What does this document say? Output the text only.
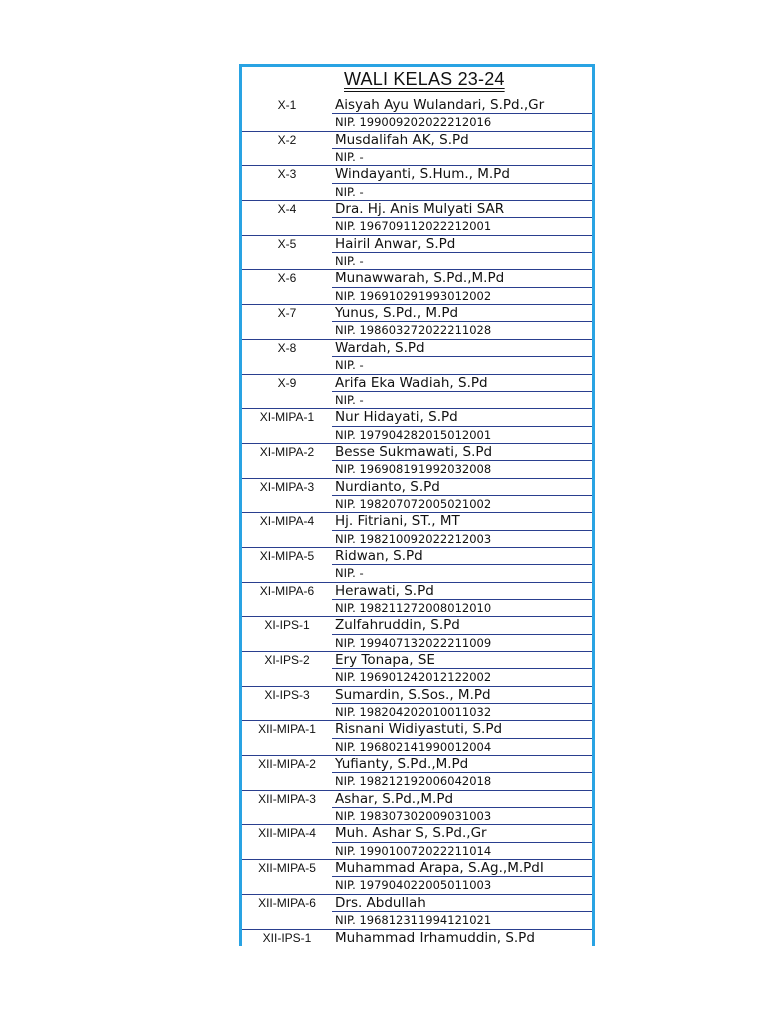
WALI KELAS 23-24
X-1	Aisyah Ayu Wulandari, S.Pd.,Gr
NIP. 199009202022212016
X-2	Musdalifah AK, S.Pd
NIP. -
X-3	Windayanti, S.Hum., M.Pd
NIP. -
X-4	Dra. Hj. Anis Mulyati SAR
NIP. 196709112022212001
X-5	Hairil Anwar, S.Pd
NIP. -
X-6	Munawwarah, S.Pd.,M.Pd
NIP. 196910291993012002
X-7	Yunus, S.Pd., M.Pd
NIP. 198603272022211028
X-8	Wardah, S.Pd
NIP. -
X-9	Arifa Eka Wadiah, S.Pd
NIP. -
XI-MIPA-1	Nur Hidayati, S.Pd
NIP. 197904282015012001
XI-MIPA-2	Besse Sukmawati, S.Pd
NIP. 196908191992032008
XI-MIPA-3	Nurdianto, S.Pd
NIP. 198207072005021002
XI-MIPA-4	Hj. Fitriani, ST., MT
NIP. 198210092022212003
XI-MIPA-5	Ridwan, S.Pd
NIP. -
XI-MIPA-6	Herawati, S.Pd
NIP. 198211272008012010
XI-IPS-1	Zulfahruddin, S.Pd
NIP. 199407132022211009
XI-IPS-2	Ery Tonapa, SE
NIP. 196901242012122002
XI-IPS-3	Sumardin, S.Sos., M.Pd
NIP. 198204202010011032
XII-MIPA-1	Risnani Widiyastuti, S.Pd
NIP. 196802141990012004
XII-MIPA-2	Yufianty, S.Pd.,M.Pd
NIP. 198212192006042018
XII-MIPA-3	Ashar, S.Pd.,M.Pd
NIP. 198307302009031003
XII-MIPA-4	Muh. Ashar S, S.Pd.,Gr
NIP. 199010072022211014
XII-MIPA-5	Muhammad Arapa, S.Ag.,M.PdI
NIP. 197904022005011003
XII-MIPA-6	Drs. Abdullah
NIP. 196812311994121021
XII-IPS-1	Muhammad Irhamuddin, S.Pd
